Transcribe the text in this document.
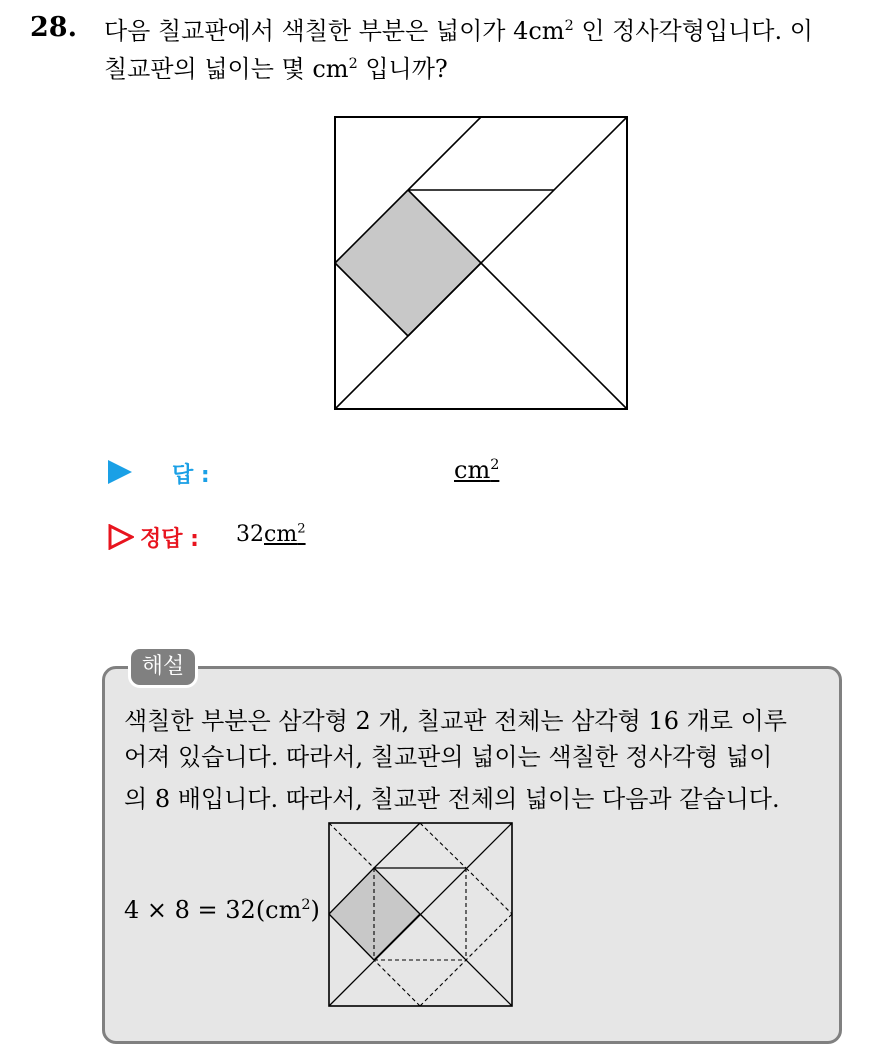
28. 다음 칠교판에서 색칠한 부분은 넓이가 $4cm^2$ 인 정사각형입니다. 이
칠교판의 넓이는 몇 $cm^2$ 입니까?
답 :	$cm^2$
정답 : $32cm^2$
해설
색칠한 부분은 삼각형 2 개, 칠교판 전체는 삼각형 16 개로 이루
어져 있습니다. 따라서, 칠교판의 넓이는 색칠한 정사각형 넓이
의 8 배입니다. 따라서, 칠교판 전체의 넓이는 다음과 같습니다.
$4 \times 8 = 32(cm^2)$
